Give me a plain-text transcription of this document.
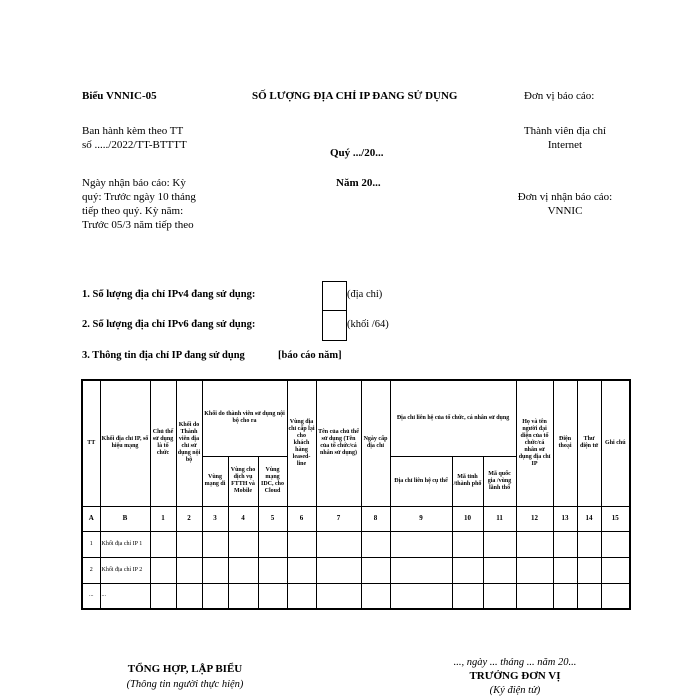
Biểu VNNIC-05	SỐ LƯỢNG ĐỊA CHỈ IP ĐANG SỬ DỤNG	Đơn vị báo cáo:
Ban hành kèm theo TT
số ...../2022/TT-BTTTT
Quý .../20...
Thành viên địa chỉ
Internet
Ngày nhận báo cáo: Kỳ
quý: Trước ngày 10 tháng
tiếp theo quý. Kỳ năm:
Trước 05/3 năm tiếp theo
Năm 20...
Đơn vị nhận báo cáo:
VNNIC
1. Số lượng địa chỉ IPv4 đang sử dụng:	(địa chỉ)
2. Số lượng địa chỉ IPv6 đang sử dụng:	(khối /64)
3. Thông tin địa chỉ IP đang sử dụng	[báo cáo năm]
TT	Khối địa chỉ IP, số hiệu mạng	Chủ thể sử dụng là tổ chức	Khối do Thành viên địa chỉ sử dụng nội bộ	Khối do thành viên sử dụng nội bộ cho ra			Vùng địa chỉ cấp lại cho khách hàng leased-line	Tên của chủ thể sử dụng (Tên của tổ chức/cá nhân sử dụng)	Ngày cấp địa chỉ	Địa chỉ liên hệ của tổ chức, cá nhân sử dụng			Họ và tên người đại diện của tổ chức/cá nhân sử dụng địa chỉ IP	Điện thoại	Thư điện tử	Ghi chú
				Vùng mạng di	Vùng cho dịch vụ FTTH và Mobile	Vùng mạng IDC, cho Cloud				Địa chỉ liên hệ cụ thể	Mã tỉnh /thành phố	Mã quốc gia /vùng lãnh thổ				
A	B	1	2	3	4	5	6	7	8	9	10	11	12	13	14	15
1	Khối địa chỉ IP 1															
2	Khối địa chỉ IP 2															
...	...															
TỔNG HỢP, LẬP BIỂU
(Thông tin người thực hiện)
..., ngày ... tháng ... năm 20...
TRƯỞNG ĐƠN VỊ
(Ký điện tử)
